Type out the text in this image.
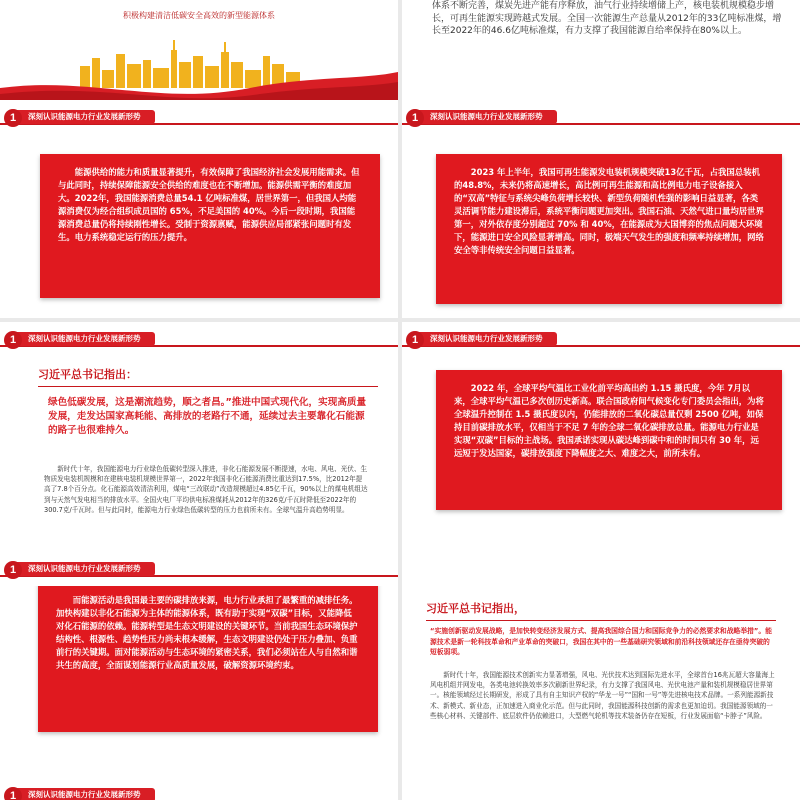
积极构建清洁低碳安全高效的新型能源体系
深刻认识能源电力行业发展新形势
1
体系不断完善，煤炭先进产能有序释放，油气行业持续增储上产，核电装机规模稳步增长，可再生能源实现跨越式发展。全国一次能源生产总量从2012年的33亿吨标准煤，增长至2022年的46.6亿吨标准煤，有力支撑了我国能源自给率保持在80%以上。
深刻认识能源电力行业发展新形势
1

能源供给的能力和质量显著提升，有效保障了我国经济社会发展用能需求。但与此同时，持续保障能源安全供给的难度也在不断增加。能源供需平衡的难度加大。2022年，我国能源消费总量54.1 亿吨标准煤，居世界第一，但我国人均能源消费仅为经合组织成员国的 65%，不足美国的 40%。今后一段时期，我国能源消费总量仍将持续刚性增长。受制于资源禀赋，能源供应局部紧张问题时有发生。电力系统稳定运行的压力提升。

2023 年上半年，我国可再生能源发电装机规模突破13亿千瓦，占我国总装机的48.8%，未来仍将高速增长，高比例可再生能源和高比例电力电子设备接入的“双高”特征与系统尖峰负荷增长较快、新型负荷随机性强的影响日益显著，各类灵活调节能力建设滞后，系统平衡问题更加突出。我国石油、天然气进口量均居世界第一，对外依存度分别超过 70% 和 40%，在能源成为大国博弈的焦点问题大环境下，能源进口安全风险显著增高。同时，极端天气发生的强度和频率持续增加，网络安全等非传统安全问题日益显著。

深刻认识能源电力行业发展新形势
1	深刻认识能源电力行业发展新形势
1
习近平总书记指出：
绿色低碳发展，这是潮流趋势，顺之者昌。”推进中国式现代化，实现高质量发展，走发达国家高耗能、高排放的老路行不通，延续过去主要靠化石能源的路子也很难持久。

新时代十年，我国能源电力行业绿色低碳转型深入推进，非化石能源发展不断提速，水电、风电、光伏、生物质发电装机规模和在建核电装机规模世界第一，2022年我国非化石能源消费比重达到17.5%，比2012年提高了7.8个百分点。化石能源高效清洁利用，煤电“三改联动”改造规模超过4.85亿千瓦，90%以上的煤电机组达到与天然气发电相当的排放水平。全国火电厂平均供电标准煤耗从2012年的326克/千瓦时降低至2022年的300.7克/千瓦时。但与此同时，能源电力行业绿色低碳转型的压力也前所未有。全球气温升高趋势明显。

2022 年，全球平均气温比工业化前平均高出约 1.15 摄氏度，今年 7月以来，全球平均气温已多次创历史新高。联合国政府间气候变化专门委员会指出，为将全球温升控制在 1.5 摄氏度以内，仍能排放的二氧化碳总量仅剩 2500 亿吨，如保持目前碳排放水平，仅相当于不足 7 年的全球二氧化碳排放总量。能源电力行业是实现“双碳”目标的主战场。我国承诺实现从碳达峰到碳中和的时间只有 30 年，远远短于发达国家，碳排放强度下降幅度之大、难度之大，前所未有。

深刻认识能源电力行业发展新形势
1

而能源活动是我国最主要的碳排放来源，电力行业承担了最繁重的减排任务。加快构建以非化石能源为主体的能源体系，既有助于实现“双碳”目标，又能降低对化石能源的依赖。能源转型是生态文明建设的关键环节。当前我国生态环境保护结构性、根源性、趋势性压力尚未根本缓解，生态文明建设仍处于压力叠加、负重前行的关键期。面对能源活动与生态环境的紧密关系，我们必须站在人与自然和谐共生的高度，全面谋划能源行业高质量发展，破解资源环境约束。

习近平总书记指出，
“实施创新驱动发展战略，是加快转变经济发展方式、提高我国综合国力和国际竞争力的必然要求和战略举措”。能源技术是新一轮科技革命和产业革命的突破口，我国在其中的一些基础研究领域和前沿科技领域还存在亟待突破的短板弱项。

新时代十年，我国能源技术创新实力显著增强，风电、光伏技术达到国际先进水平，全球首台16兆瓦超大容量海上风电机组并网发电，各类电池转换效率多次刷新世界纪录，有力支撑了我国风电、光伏电池产量和装机规模稳居世界第一。核能领域经过长期研发，形成了具有自主知识产权的“华龙一号”“国和一号”等先进核电技术品牌。一系列能源新技术、新模式、新业态，正加速进入商业化示范。但与此同时，我国能源科技创新的需求也更加迫切。我国能源领域的一些核心材料、关键部件、底层软件仍依赖进口，大型燃气轮机等技术装备仍存在短板，行业发展面临“卡脖子”风险。

深刻认识能源电力行业发展新形势
1
